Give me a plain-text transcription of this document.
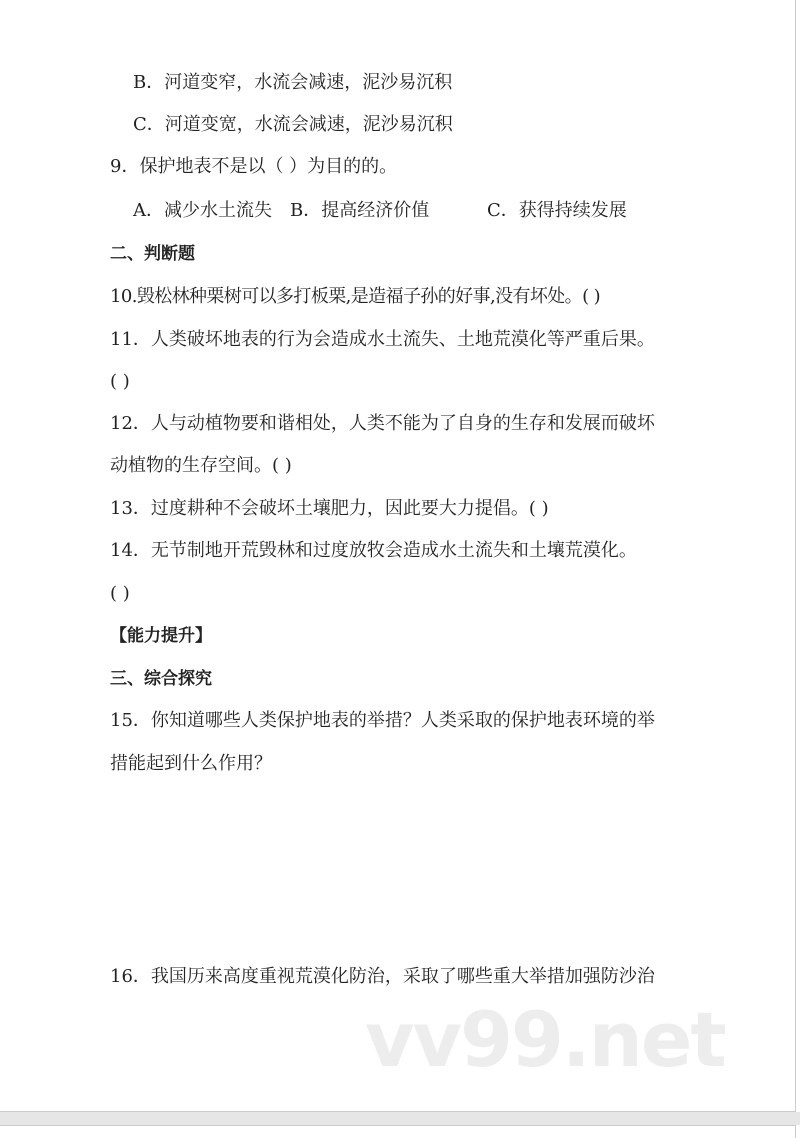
B．河道变窄，水流会减速，泥沙易沉积
C．河道变宽，水流会减速，泥沙易沉积
9．保护地表不是以（ ）为目的的。
A．减少水土流失 B．提高经济价值	C．获得持续发展
二、判断题
10.毁松林种栗树可以多打板栗,是造福子孙的好事,没有坏处。( )
11．人类破坏地表的行为会造成水土流失、土地荒漠化等严重后果。
( )
12．人与动植物要和谐相处，人类不能为了自身的生存和发展而破坏
动植物的生存空间。( )
13．过度耕种不会破坏土壤肥力，因此要大力提倡。( )
14．无节制地开荒毁林和过度放牧会造成水土流失和土壤荒漠化。
( )
【能力提升】
三、综合探究
15．你知道哪些人类保护地表的举措？人类采取的保护地表环境的举
措能起到什么作用？
16．我国历来高度重视荒漠化防治，采取了哪些重大举措加强防沙治
vv99.net
